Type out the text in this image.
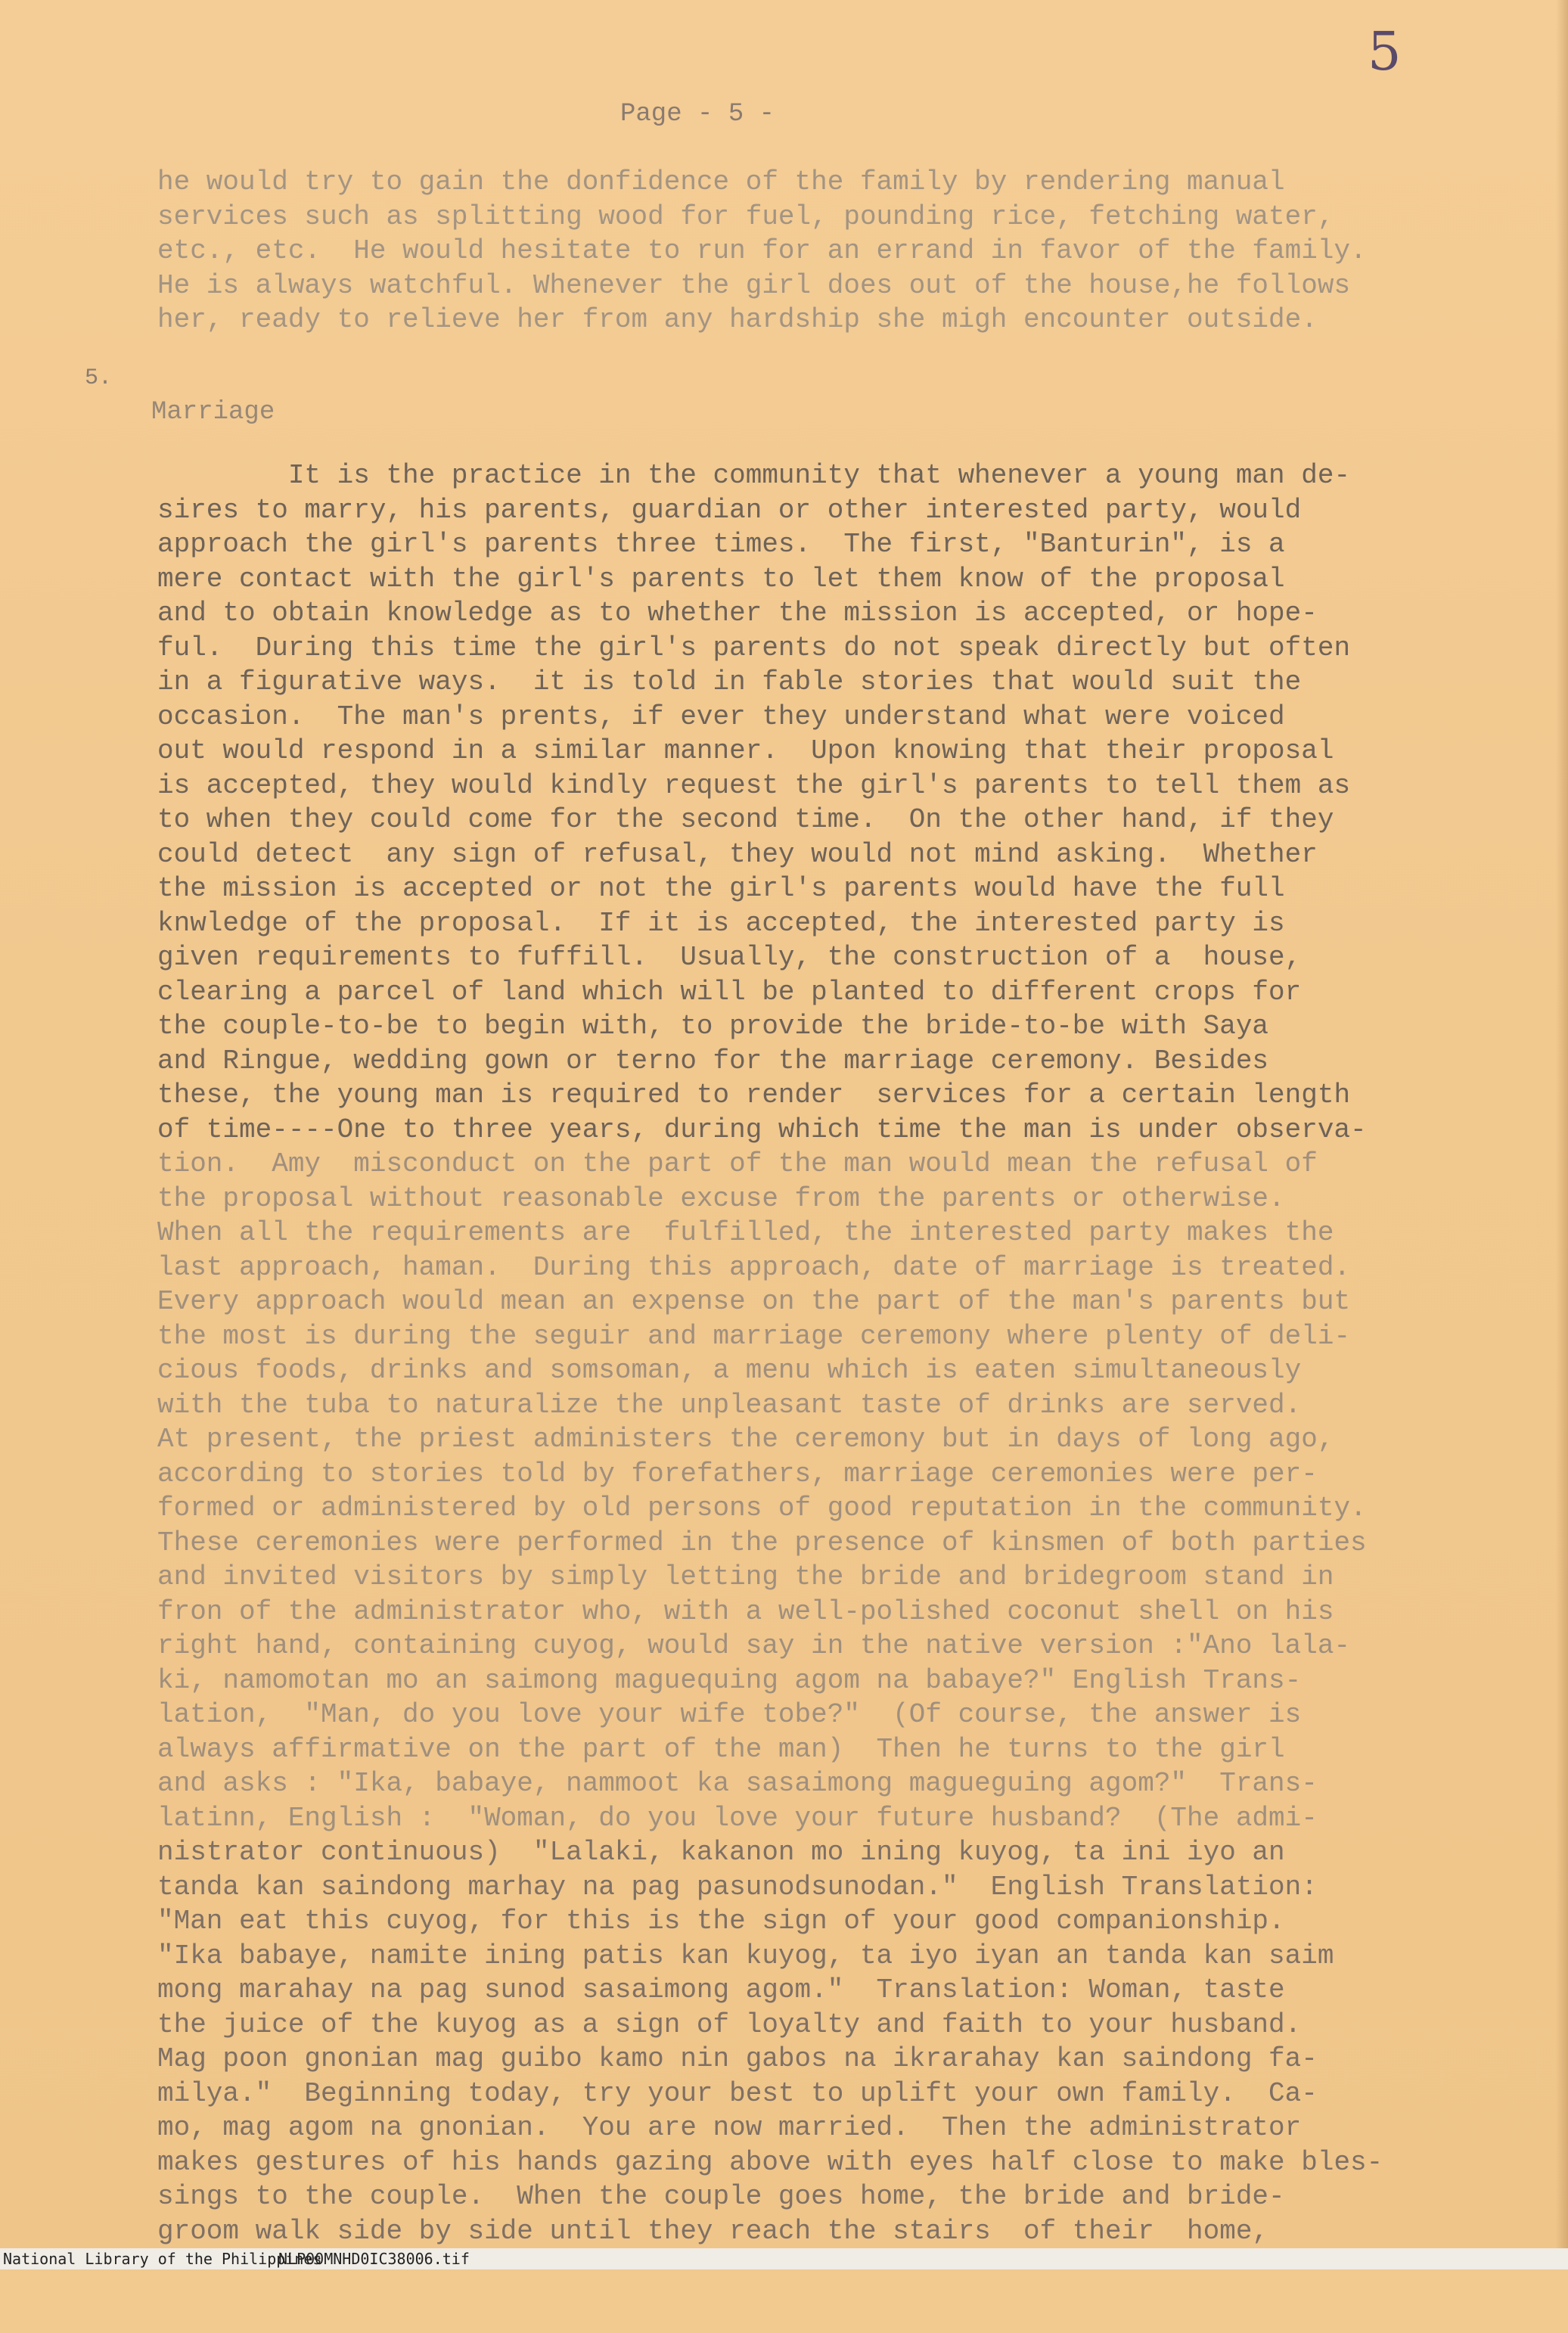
5
Page - 5 -
he would try to gain the donfidence of the family by rendering manual
services such as splitting wood for fuel, pounding rice, fetching water,
etc., etc.  He would hesitate to run for an errand in favor of the family.
He is always watchful. Whenever the girl does out of the house,he follows
her, ready to relieve her from any hardship she migh encounter outside.
5.
Marriage
It is the practice in the community that whenever a young man de-
sires to marry, his parents, guardian or other interested party, would
approach the girl's parents three times.  The first, "Banturin", is a
mere contact with the girl's parents to let them know of the proposal
and to obtain knowledge as to whether the mission is accepted, or hope-
ful.  During this time the girl's parents do not speak directly but often
in a figurative ways.  it is told in fable stories that would suit the
occasion.  The man's prents, if ever they understand what were voiced
out would respond in a similar manner.  Upon knowing that their proposal
is accepted, they would kindly request the girl's parents to tell them as
to when they could come for the second time.  On the other hand, if they
could detect  any sign of refusal, they would not mind asking.  Whether
the mission is accepted or not the girl's parents would have the full
knwledge of the proposal.  If it is accepted, the interested party is
given requirements to fuffill.  Usually, the construction of a  house,
clearing a parcel of land which will be planted to different crops for
the couple-to-be to begin with, to provide the bride-to-be with Saya
and Ringue, wedding gown or terno for the marriage ceremony. Besides
these, the young man is required to render  services for a certain length
of time----One to three years, during which time the man is under observa-
tion.  Amy  misconduct on the part of the man would mean the refusal of
the proposal without reasonable excuse from the parents or otherwise.
When all the requirements are  fulfilled, the interested party makes the
last approach, haman.  During this approach, date of marriage is treated.
Every approach would mean an expense on the part of the man's parents but
the most is during the seguir and marriage ceremony where plenty of deli-
cious foods, drinks and somsoman, a menu which is eaten simultaneously
with the tuba to naturalize the unpleasant taste of drinks are served.
At present, the priest administers the ceremony but in days of long ago,
according to stories told by forefathers, marriage ceremonies were per-
formed or administered by old persons of good reputation in the community.
These ceremonies were performed in the presence of kinsmen of both parties
and invited visitors by simply letting the bride and bridegroom stand in
fron of the administrator who, with a well-polished coconut shell on his
right hand, containing cuyog, would say in the native version :"Ano lala-
ki, namomotan mo an saimong maguequing agom na babaye?" English Trans-
lation,  "Man, do you love your wife tobe?"  (Of course, the answer is
always affirmative on the part of the man)  Then he turns to the girl
and asks : "Ika, babaye, nammoot ka sasaimong magueguing agom?"  Trans-
latinn, English :  "Woman, do you love your future husband?  (The admi-
nistrator continuous)  "Lalaki, kakanon mo ining kuyog, ta ini iyo an
tanda kan saindong marhay na pag pasunodsunodan."  English Translation:
"Man eat this cuyog, for this is the sign of your good companionship.
"Ika babaye, namite ining patis kan kuyog, ta iyo iyan an tanda kan saim
mong marahay na pag sunod sasaimong agom."  Translation: Woman, taste
the juice of the kuyog as a sign of loyalty and faith to your husband.
Mag poon gnonian mag guibo kamo nin gabos na ikrarahay kan saindong fa-
milya."  Beginning today, try your best to uplift your own family.  Ca-
mo, mag agom na gnonian.  You are now married.  Then the administrator
makes gestures of his hands gazing above with eyes half close to make bles-
sings to the couple.  When the couple goes home, the bride and bride-
groom walk side by side until they reach the stairs  of their  home,

National Library of the Philippines

NLP00MNHD0IC38006.tif
